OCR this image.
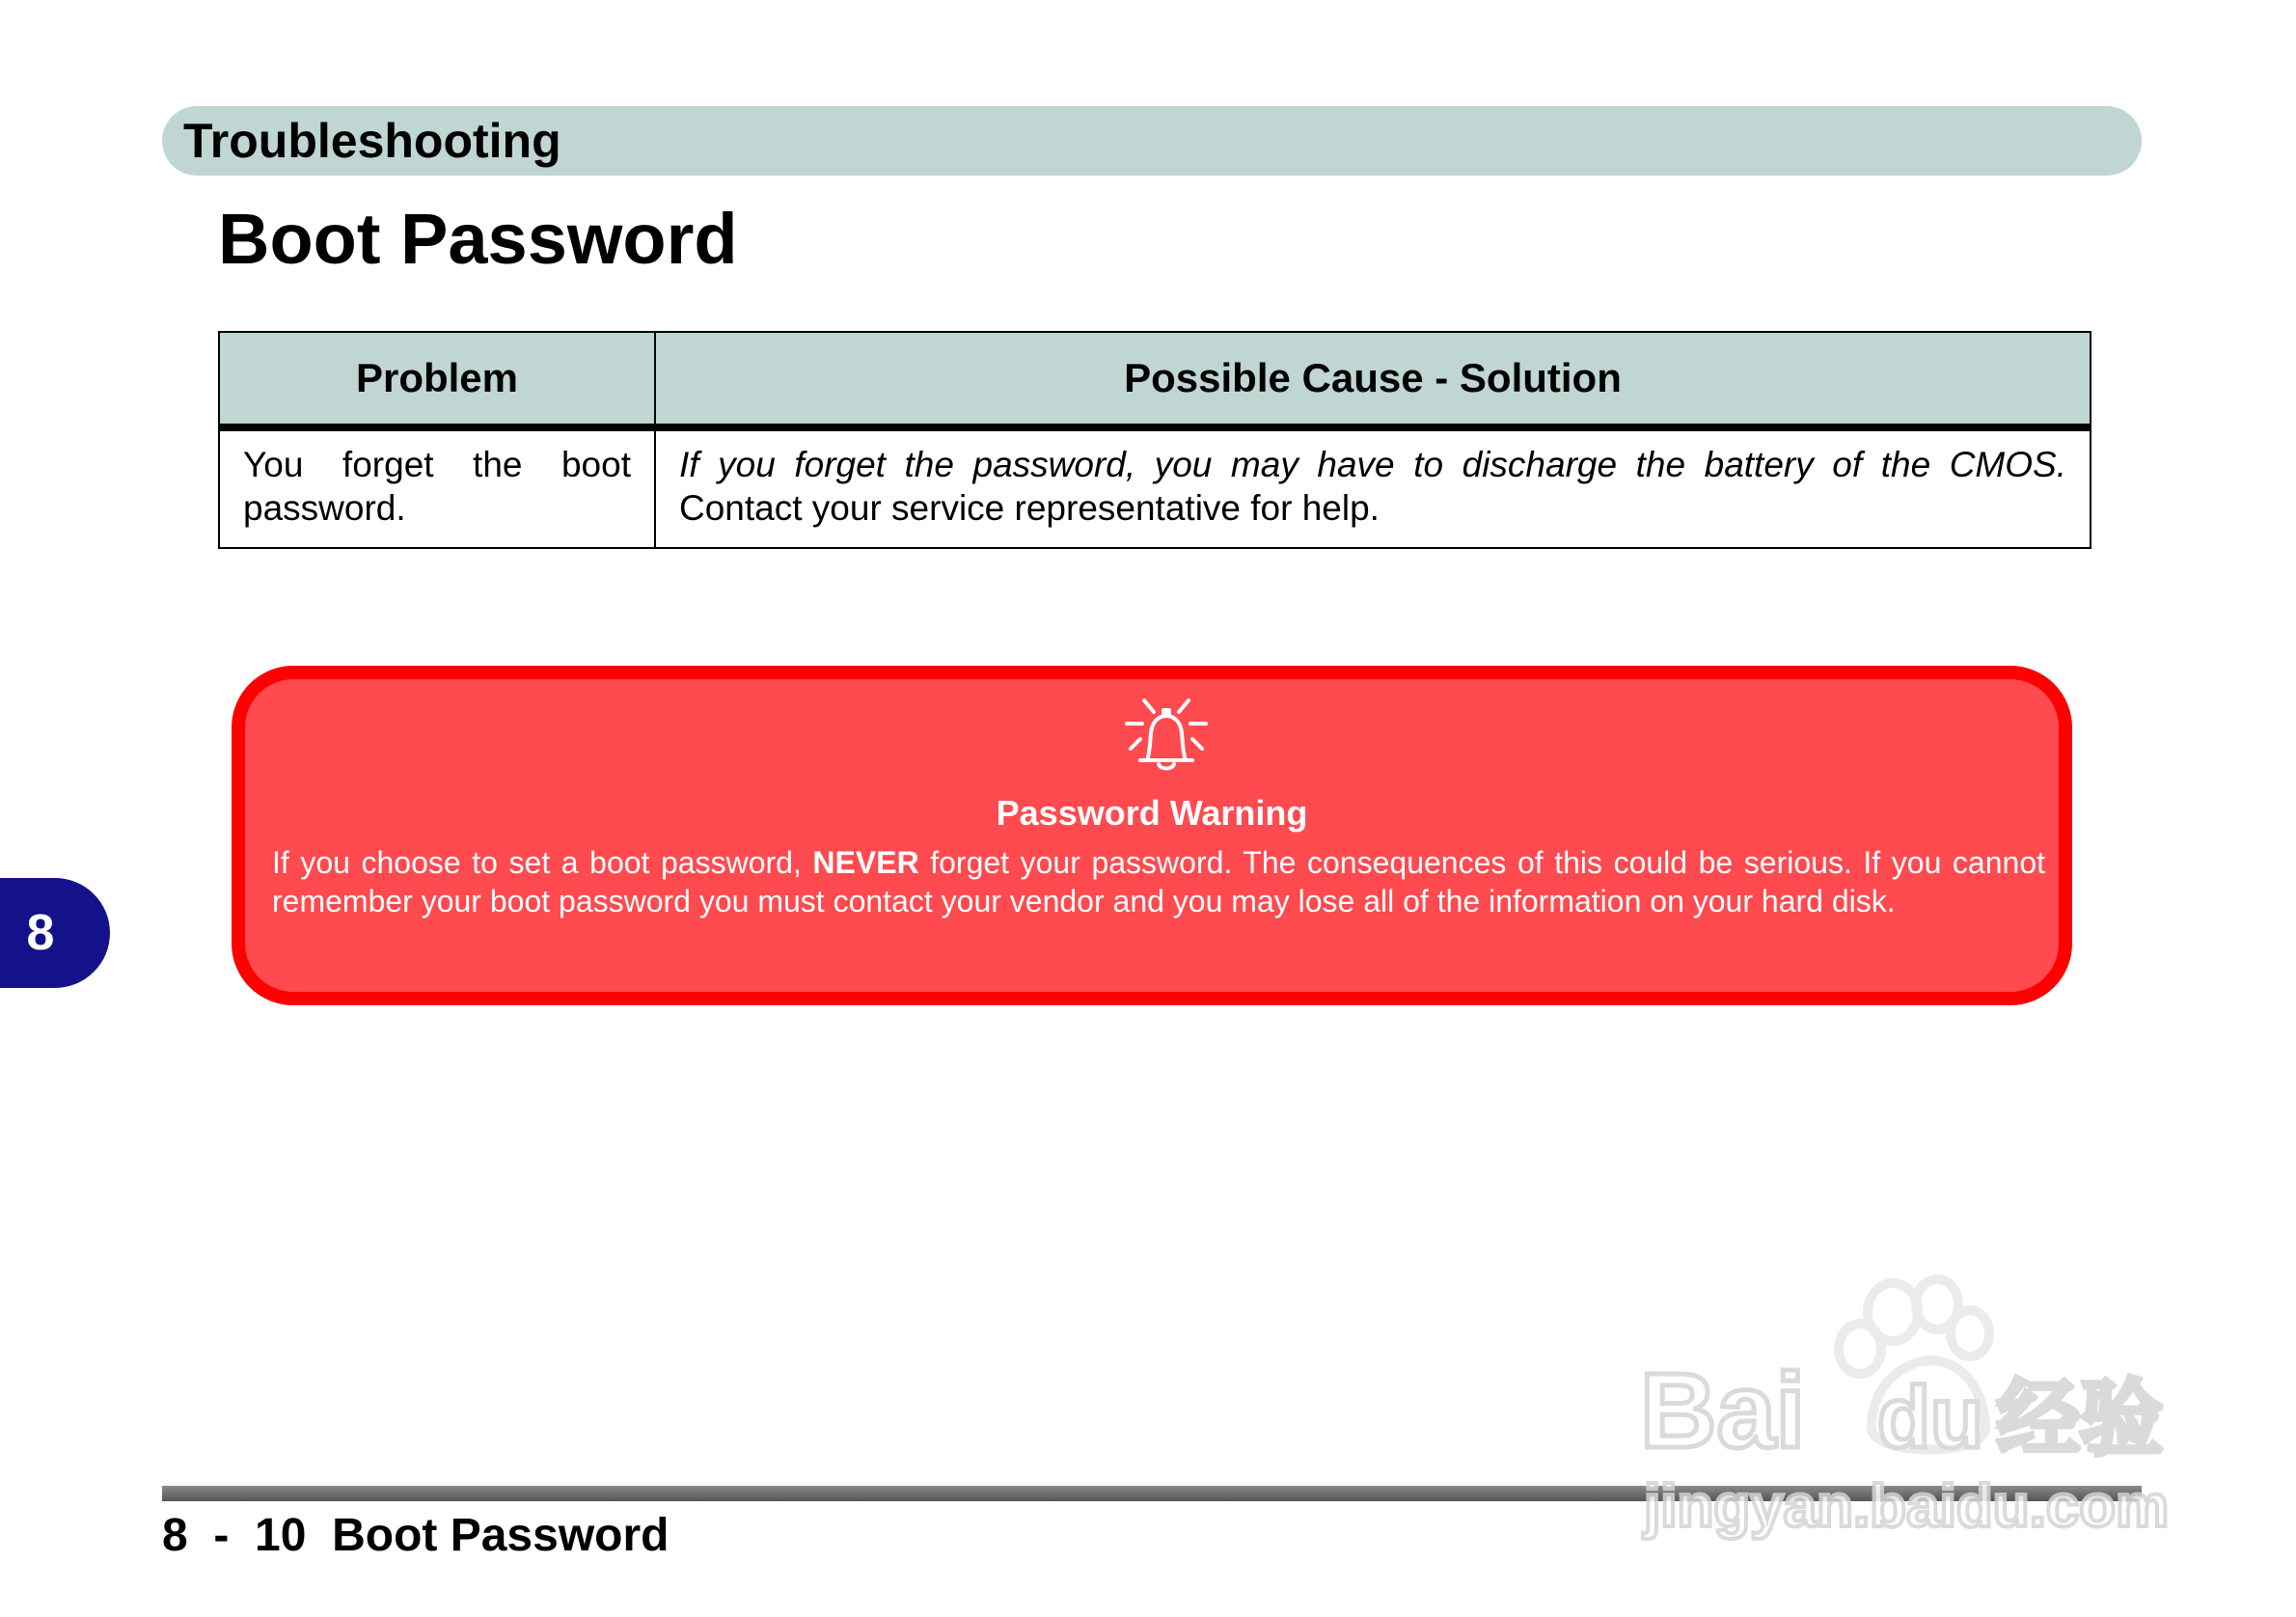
Troubleshooting
Boot Password
Problem	Possible Cause - Solution
You forget the boot password.	If you forget the password, you may have to discharge the battery of the CMOS. Contact your service representative for help.
Password Warning
If you choose to set a boot password, NEVER forget your password. The consequences of this could be serious. If you cannot remember your boot password you must contact your vendor and you may lose all of the information on your hard disk.
8
8  -  10  Boot Password
Bai du 经验
jingyan.baidu.com
